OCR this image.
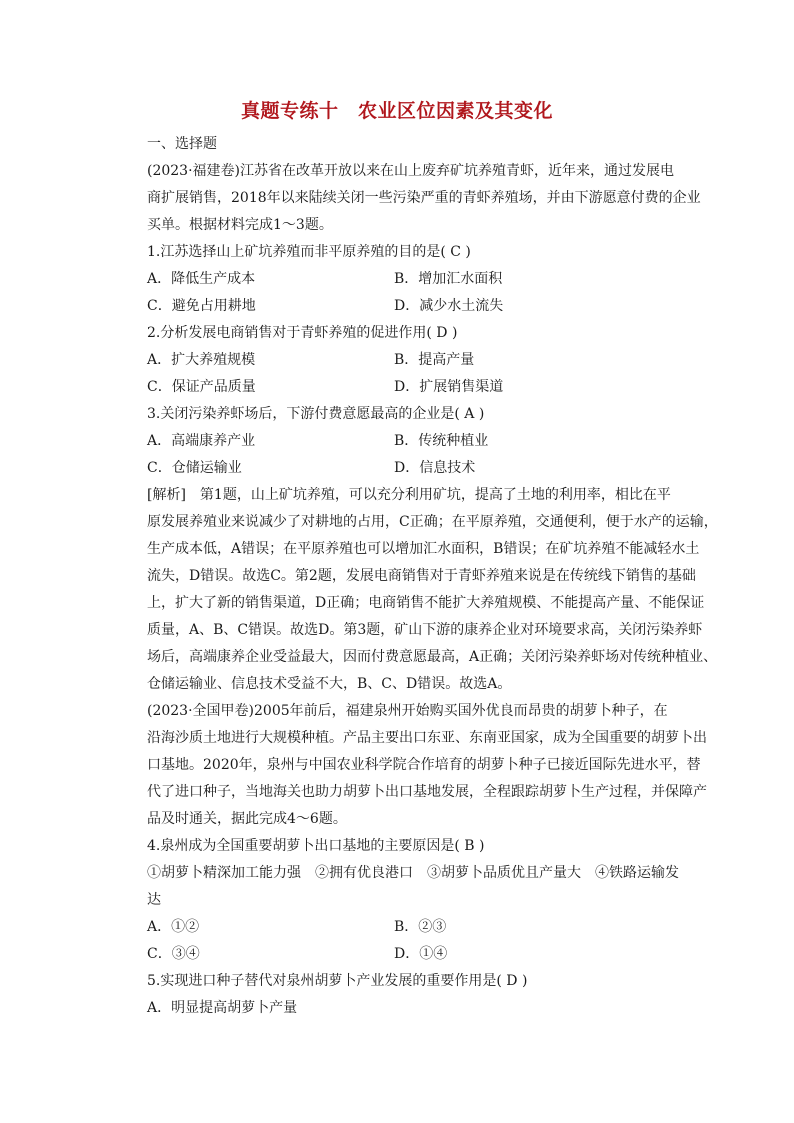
真题专练十　农业区位因素及其变化
一、选择题
(2023·福建卷)江苏省在改革开放以来在山上废弃矿坑养殖青虾，近年来，通过发展电
商扩展销售，2018年以来陆续关闭一些污染严重的青虾养殖场，并由下游愿意付费的企业
买单。根据材料完成1～3题。
1.江苏选择山上矿坑养殖而非平原养殖的目的是( C )
A．降低生产成本	B．增加汇水面积
C．避免占用耕地	D．减少水土流失
2.分析发展电商销售对于青虾养殖的促进作用( D )
A．扩大养殖规模	B．提高产量
C．保证产品质量	D．扩展销售渠道
3.关闭污染养虾场后，下游付费意愿最高的企业是( A )
A．高端康养产业	B．传统种植业
C．仓储运输业	D．信息技术
[解析]　第1题，山上矿坑养殖，可以充分利用矿坑，提高了土地的利用率，相比在平
原发展养殖业来说减少了对耕地的占用，C正确；在平原养殖，交通便利，便于水产的运输，
生产成本低，A错误；在平原养殖也可以增加汇水面积，B错误；在矿坑养殖不能减轻水土
流失，D错误。故选C。第2题，发展电商销售对于青虾养殖来说是在传统线下销售的基础
上，扩大了新的销售渠道，D正确；电商销售不能扩大养殖规模、不能提高产量、不能保证
质量，A、B、C错误。故选D。第3题，矿山下游的康养企业对环境要求高，关闭污染养虾
场后，高端康养企业受益最大，因而付费意愿最高，A正确；关闭污染养虾场对传统种植业、
仓储运输业、信息技术受益不大，B、C、D错误。故选A。
(2023·全国甲卷)2005年前后，福建泉州开始购买国外优良而昂贵的胡萝卜种子，在
沿海沙质土地进行大规模种植。产品主要出口东亚、东南亚国家，成为全国重要的胡萝卜出
口基地。2020年，泉州与中国农业科学院合作培育的胡萝卜种子已接近国际先进水平，替
代了进口种子，当地海关也助力胡萝卜出口基地发展，全程跟踪胡萝卜生产过程，并保障产
品及时通关，据此完成4～6题。
4.泉州成为全国重要胡萝卜出口基地的主要原因是( B )
①胡萝卜精深加工能力强　②拥有优良港口　③胡萝卜品质优且产量大　④铁路运输发
达
A．①②	B．②③
C．③④	D．①④
5.实现进口种子替代对泉州胡萝卜产业发展的重要作用是( D )
A．明显提高胡萝卜产量
